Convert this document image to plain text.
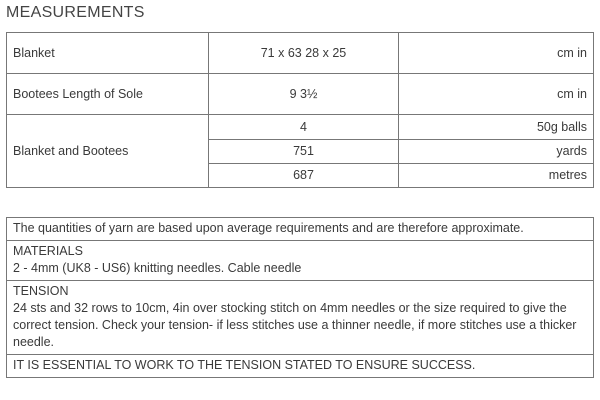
MEASUREMENTS
Blanket	71 x 63 28 x 25	cm in
Bootees Length of Sole	9 3½	cm in
Blanket and Bootees	4	50g balls
	751	yards
	687	metres
The quantities of yarn are based upon average requirements and are therefore approximate.
MATERIALS
2 - 4mm (UK8 - US6) knitting needles. Cable needle
TENSION
24 sts and 32 rows to 10cm, 4in over stocking stitch on 4mm needles or the size required to give the correct tension. Check your tension- if less stitches use a thinner needle, if more stitches use a thicker needle.
IT IS ESSENTIAL TO WORK TO THE TENSION STATED TO ENSURE SUCCESS.
